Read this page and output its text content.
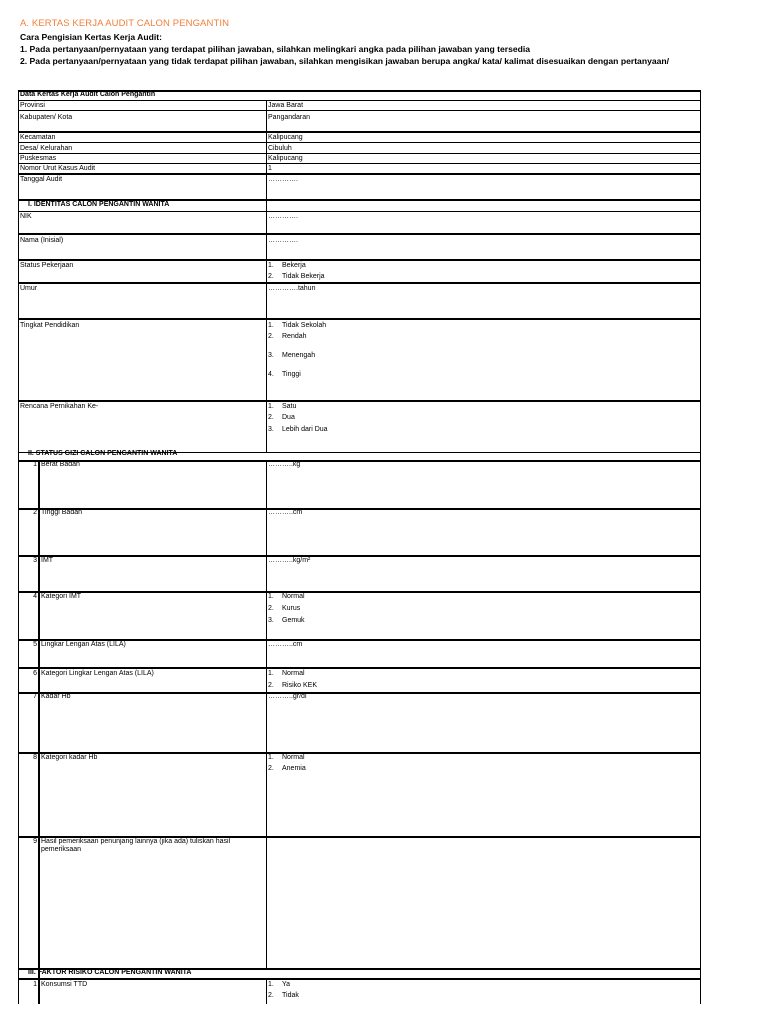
A. KERTAS KERJA AUDIT CALON PENGANTIN
Cara Pengisian Kertas Kerja Audit:
1. Pada pertanyaan/pernyataan yang terdapat pilihan jawaban, silahkan melingkari angka pada pilihan jawaban yang tersedia
2. Pada pertanyaan/pernyataan yang tidak terdapat pilihan jawaban, silahkan mengisikan jawaban berupa angka/ kata/ kalimat disesuaikan dengan pertanyaan/
Data Kertas Kerja Audit Calon Pengantin
Provinsi	Jawa Barat
Kabupaten/ Kota	Pangandaran
Kecamatan	Kalipucang
Desa/ Kelurahan	Cibuluh
Puskesmas	Kalipucang
Nomor Urut Kasus Audit	1
Tanggal Audit	………….
I. IDENTITAS CALON PENGANTIN WANITA
NIK	………….
Nama (Inisial)	………….
Status Pekerjaan	1. Bekerja
2. Tidak Bekerja
Umur	………….tahun
Tingkat Pendidikan	1. Tidak Sekolah
2. Rendah
3. Menengah
4. Tinggi
Rencana Pernikahan Ke-	1. Satu
2. Dua
3. Lebih dari Dua
II. STATUS GIZI CALON PENGANTIN WANITA
1 Berat Badan	………..kg
2 Tinggi Badan	………..cm
3 IMT	………..kg/m²
4 Kategori IMT	1. Normal
2. Kurus
3. Gemuk
5 Lingkar Lengan Atas (LILA)	………..cm
6 Kategori Lingkar Lengan Atas (LILA)	1. Normal
2. Risiko KEK
7 Kadar Hb	………..gr/dl
8 Kategori kadar Hb	1. Normal
2. Anemia
9 Hasil pemeriksaan penunjang lainnya (jika ada) tuliskan hasil pemeriksaan
III. FAKTOR RISIKO CALON PENGANTIN WANITA
1 Konsumsi TTD	1. Ya
2. Tidak
